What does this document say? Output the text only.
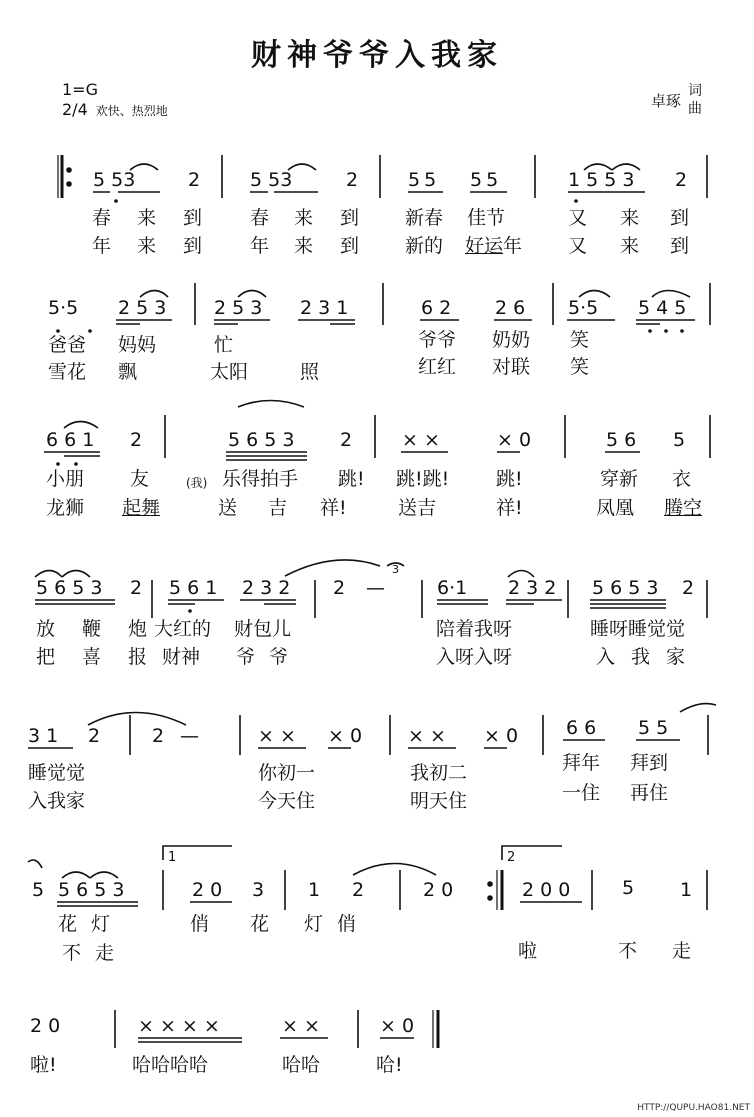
财神爷爷入我家
1=G
2/4 欢快、热烈地
卓琢
词
曲
5 53	2	5 53	2	55 55	1 5 5 3 2
春 来 到	春 来 到 新春 佳节	又 来 到
年 来 到	年 来 到 新的 好运 年 又 来 到
5·5 2 5 3	2 5 3 2 3 1	6 2 2 6 5·5 5 4 5
爸爸 妈妈	忙	爷爷 奶奶 笑
雪花 飘	太阳	照	红红 对联 笑
6 6 1 2	5 6 5 3 2	× ×	× 0	5 6 5
小朋 友	(我) 乐得拍手 跳! 跳!跳! 跳!	穿新 衣
龙狮 起舞	送 吉 祥!	送吉	祥!	凤凰 腾空
5 6 5 3 2 5 6 1 2 3 2 2 —
3
6·1 2 3 2 5 6 5 3 2
放 鞭 炮 大红的 财包儿	陪着我呀	睡呀睡觉觉
把 喜 报 财神 爷爷	入呀入呀	入我家
3 1 2	2 —	× × × 0 × × × 0	6 6 5 5
睡觉觉	你初一	我初二	拜年 拜到
入我家	今天住	明天住	一住 再住
5 5 6 5 3
1
2 0 3 1 2	2 0
2
2 0 0	5 1
花灯	俏 花 灯俏
不走	啦	不 走
2 0	× × × ×	× ×	× 0
啦!	哈哈哈哈	哈哈	哈!
HTTP://QUPU.HAO81.NET
